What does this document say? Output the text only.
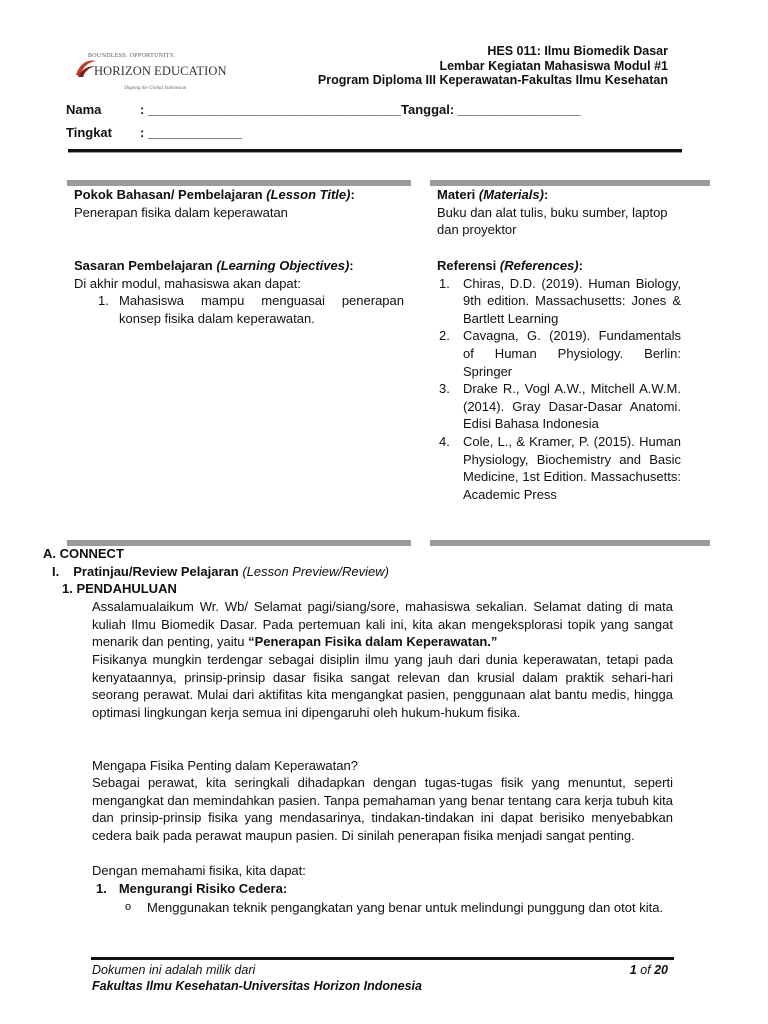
BOUNDLESS. OPPORTUNITY.
HORIZON EDUCATION
Shaping the Global Indonesian
HES 011: Ilmu Biomedik Dasar
Lembar Kegiatan Mahasiswa Modul #1
Program Diploma III Keperawatan-Fakultas Ilmu Kesehatan
Nama	: ___________________________________Tanggal: _________________
Tingkat : _____________
Pokok Bahasan/ Pembelajaran (Lesson Title):
Penerapan fisika dalam keperawatan
Sasaran Pembelajaran (Learning Objectives):
Di akhir modul, mahasiswa akan dapat:
1. Mahasiswa mampu menguasai penerapan konsep fisika dalam keperawatan.
Materi (Materials):
Buku dan alat tulis, buku sumber, laptop dan proyektor
Referensi (References):
1. Chiras, D.D. (2019). Human Biology, 9th edition. Massachusetts: Jones & Bartlett Learning
2. Cavagna, G. (2019). Fundamentals of Human Physiology. Berlin: Springer
3. Drake R., Vogl A.W., Mitchell A.W.M. (2014). Gray Dasar-Dasar Anatomi. Edisi Bahasa Indonesia
4. Cole, L., & Kramer, P. (2015). Human Physiology, Biochemistry and Basic Medicine, 1st Edition. Massachusetts: Academic Press
A. CONNECT
I. Pratinjau/Review Pelajaran (Lesson Preview/Review)
1. PENDAHULUAN
Assalamualaikum Wr. Wb/ Selamat pagi/siang/sore, mahasiswa sekalian. Selamat dating di mata kuliah Ilmu Biomedik Dasar. Pada pertemuan kali ini, kita akan mengeksplorasi topik yang sangat menarik dan penting, yaitu “Penerapan Fisika dalam Keperawatan.”
Fisikanya mungkin terdengar sebagai disiplin ilmu yang jauh dari dunia keperawatan, tetapi pada kenyataannya, prinsip-prinsip dasar fisika sangat relevan dan krusial dalam praktik sehari-hari seorang perawat. Mulai dari aktifitas kita mengangkat pasien, penggunaan alat bantu medis, hingga optimasi lingkungan kerja semua ini dipengaruhi oleh hukum-hukum fisika.
Mengapa Fisika Penting dalam Keperawatan?
Sebagai perawat, kita seringkali dihadapkan dengan tugas-tugas fisik yang menuntut, seperti mengangkat dan memindahkan pasien. Tanpa pemahaman yang benar tentang cara kerja tubuh kita dan prinsip-prinsip fisika yang mendasarinya, tindakan-tindakan ini dapat berisiko menyebabkan cedera baik pada perawat maupun pasien. Di sinilah penerapan fisika menjadi sangat penting.
Dengan memahami fisika, kita dapat:
1. Mengurangi Risiko Cedera:
o Menggunakan teknik pengangkatan yang benar untuk melindungi punggung dan otot kita.
Dokumen ini adalah milik dari	1 of 20
Fakultas Ilmu Kesehatan-Universitas Horizon Indonesia
